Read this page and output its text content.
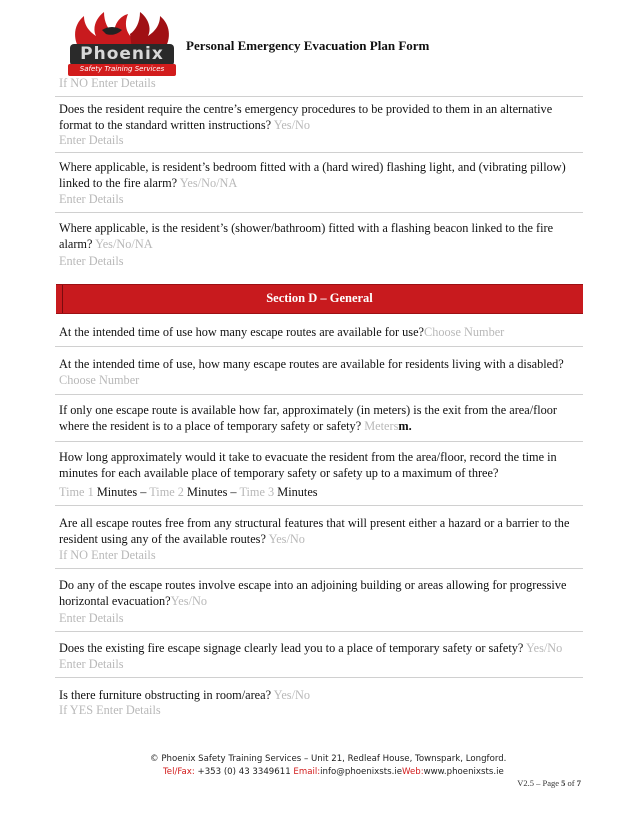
Phoenix
Safety Training Services
Personal Emergency Evacuation Plan Form
If NO Enter Details
Does the resident require the centre’s emergency procedures to be provided to them in an alternative format to the standard written instructions? Yes/No
Enter Details
Where applicable, is resident’s bedroom fitted with a (hard wired) flashing light, and (vibrating pillow) linked to the fire alarm? Yes/No/NA
Enter Details
Where applicable, is the resident’s (shower/bathroom) fitted with a flashing beacon linked to the fire alarm? Yes/No/NA
Enter Details
Section D – General
At the intended time of use how many escape routes are available for use?Choose Number
At the intended time of use, how many escape routes are available for residents living with a disabled? Choose Number
If only one escape route is available how far, approximately (in meters) is the exit from the area/floor where the resident is to a place of temporary safety or safety? Metersm.
How long approximately would it take to evacuate the resident from the area/floor, record the time in minutes for each available place of temporary safety or safety up to a maximum of three?
Time 1 Minutes – Time 2 Minutes – Time 3 Minutes
Are all escape routes free from any structural features that will present either a hazard or a barrier to the resident using any of the available routes? Yes/No
If NO Enter Details
Do any of the escape routes involve escape into an adjoining building or areas allowing for progressive horizontal evacuation?Yes/No
Enter Details
Does the existing fire escape signage clearly lead you to a place of temporary safety or safety? Yes/No
Enter Details
Is there furniture obstructing in room/area? Yes/No
If YES Enter Details
© Phoenix Safety Training Services – Unit 21, Redleaf House, Townspark, Longford.
Tel/Fax: +353 (0) 43 3349611 Email:info@phoenixsts.ieWeb:www.phoenixsts.ie
V2.5 – Page 5 of 7
